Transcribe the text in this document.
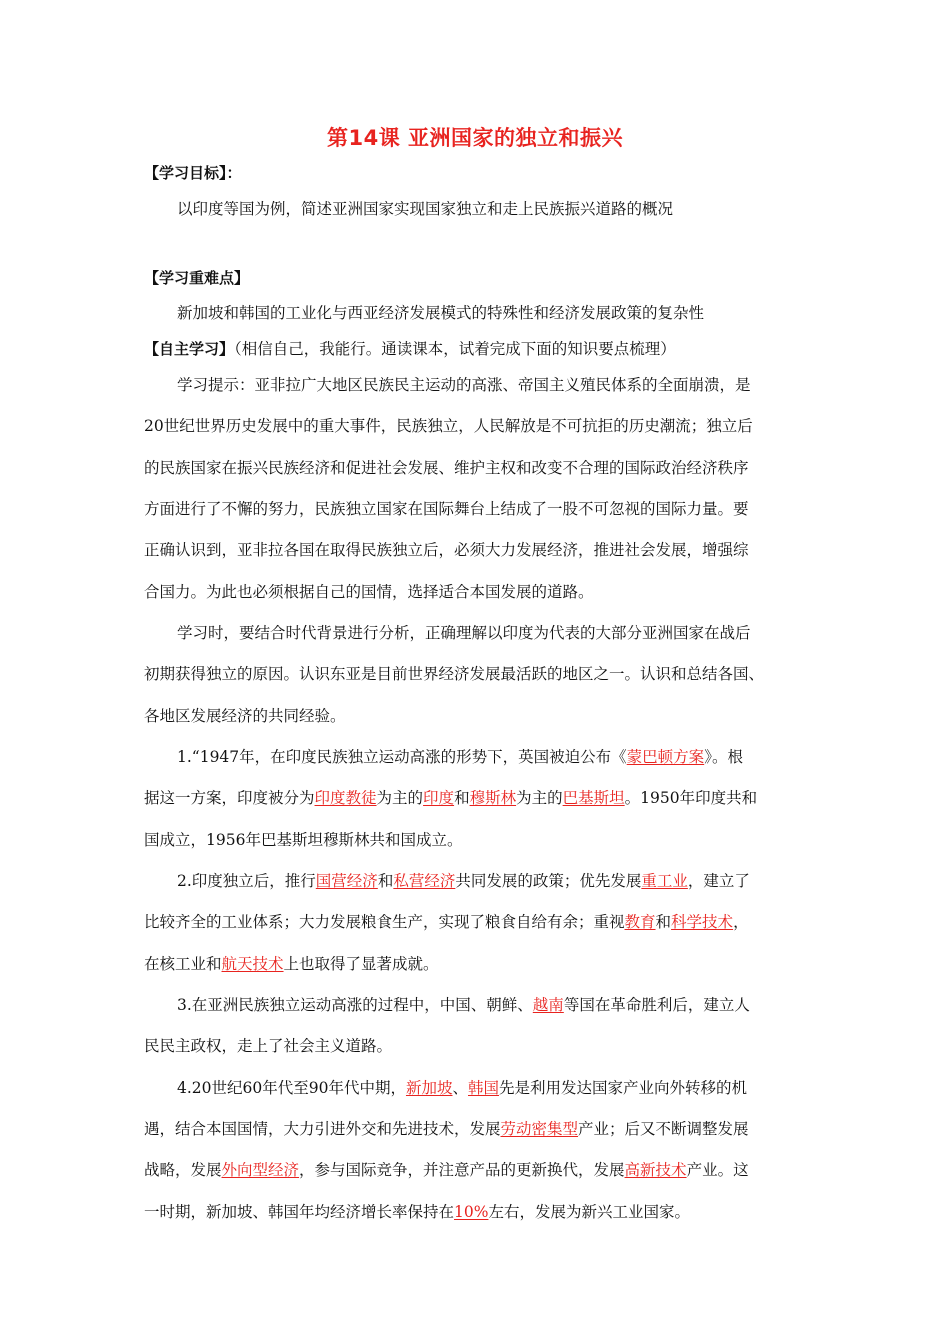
第14课 亚洲国家的独立和振兴
【学习目标】：
以印度等国为例，简述亚洲国家实现国家独立和走上民族振兴道路的概况
【学习重难点】
新加坡和韩国的工业化与西亚经济发展模式的特殊性和经济发展政策的复杂性
【自主学习】（相信自己，我能行。通读课本，试着完成下面的知识要点梳理）
学习提示：亚非拉广大地区民族民主运动的高涨、帝国主义殖民体系的全面崩溃，是
20世纪世界历史发展中的重大事件，民族独立，人民解放是不可抗拒的历史潮流；独立后
的民族国家在振兴民族经济和促进社会发展、维护主权和改变不合理的国际政治经济秩序
方面进行了不懈的努力，民族独立国家在国际舞台上结成了一股不可忽视的国际力量。要
正确认识到，亚非拉各国在取得民族独立后，必须大力发展经济，推进社会发展，增强综
合国力。为此也必须根据自己的国情，选择适合本国发展的道路。
学习时，要结合时代背景进行分析，正确理解以印度为代表的大部分亚洲国家在战后
初期获得独立的原因。认识东亚是目前世界经济发展最活跃的地区之一。认识和总结各国、
各地区发展经济的共同经验。
1.“1947年，在印度民族独立运动高涨的形势下，英国被迫公布《蒙巴顿方案》。根
据这一方案，印度被分为印度教徒为主的印度和穆斯林为主的巴基斯坦。1950年印度共和
国成立，1956年巴基斯坦穆斯林共和国成立。
2.印度独立后，推行国营经济和私营经济共同发展的政策；优先发展重工业，建立了
比较齐全的工业体系；大力发展粮食生产，实现了粮食自给有余；重视教育和科学技术，
在核工业和航天技术上也取得了显著成就。
3.在亚洲民族独立运动高涨的过程中，中国、朝鲜、越南等国在革命胜利后，建立人
民民主政权，走上了社会主义道路。
4.20世纪60年代至90年代中期，新加坡、韩国先是利用发达国家产业向外转移的机
遇，结合本国国情，大力引进外交和先进技术，发展劳动密集型产业；后又不断调整发展
战略，发展外向型经济，参与国际竞争，并注意产品的更新换代，发展高新技术产业。这
一时期，新加坡、韩国年均经济增长率保持在10%左右，发展为新兴工业国家。
